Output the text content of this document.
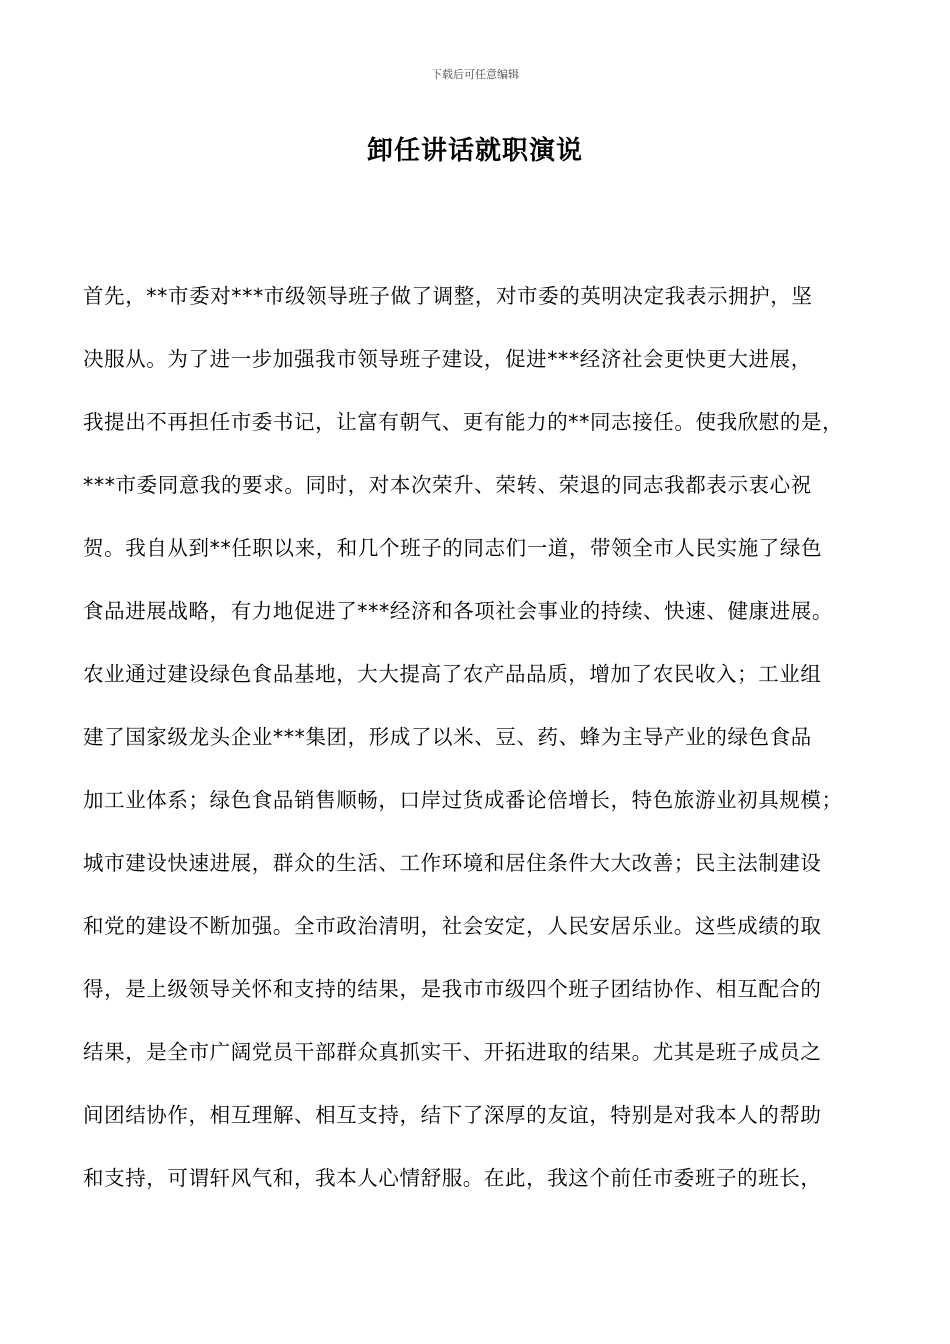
下载后可任意编辑
卸任讲话就职演说
首先，**市委对***市级领导班子做了调整，对市委的英明决定我表示拥护，坚
决服从。为了进一步加强我市领导班子建设，促进***经济社会更快更大进展，
我提出不再担任市委书记，让富有朝气、更有能力的**同志接任。使我欣慰的是，
***市委同意我的要求。同时，对本次荣升、荣转、荣退的同志我都表示衷心祝
贺。我自从到**任职以来，和几个班子的同志们一道，带领全市人民实施了绿色
食品进展战略，有力地促进了***经济和各项社会事业的持续、快速、健康进展。
农业通过建设绿色食品基地，大大提高了农产品品质，增加了农民收入；工业组
建了国家级龙头企业***集团，形成了以米、豆、药、蜂为主导产业的绿色食品
加工业体系；绿色食品销售顺畅，口岸过货成番论倍增长，特色旅游业初具规模；
城市建设快速进展，群众的生活、工作环境和居住条件大大改善；民主法制建设
和党的建设不断加强。全市政治清明，社会安定，人民安居乐业。这些成绩的取
得，是上级领导关怀和支持的结果，是我市市级四个班子团结协作、相互配合的
结果，是全市广阔党员干部群众真抓实干、开拓进取的结果。尤其是班子成员之
间团结协作，相互理解、相互支持，结下了深厚的友谊，特别是对我本人的帮助
和支持，可谓轩风气和，我本人心情舒服。在此，我这个前任市委班子的班长，
